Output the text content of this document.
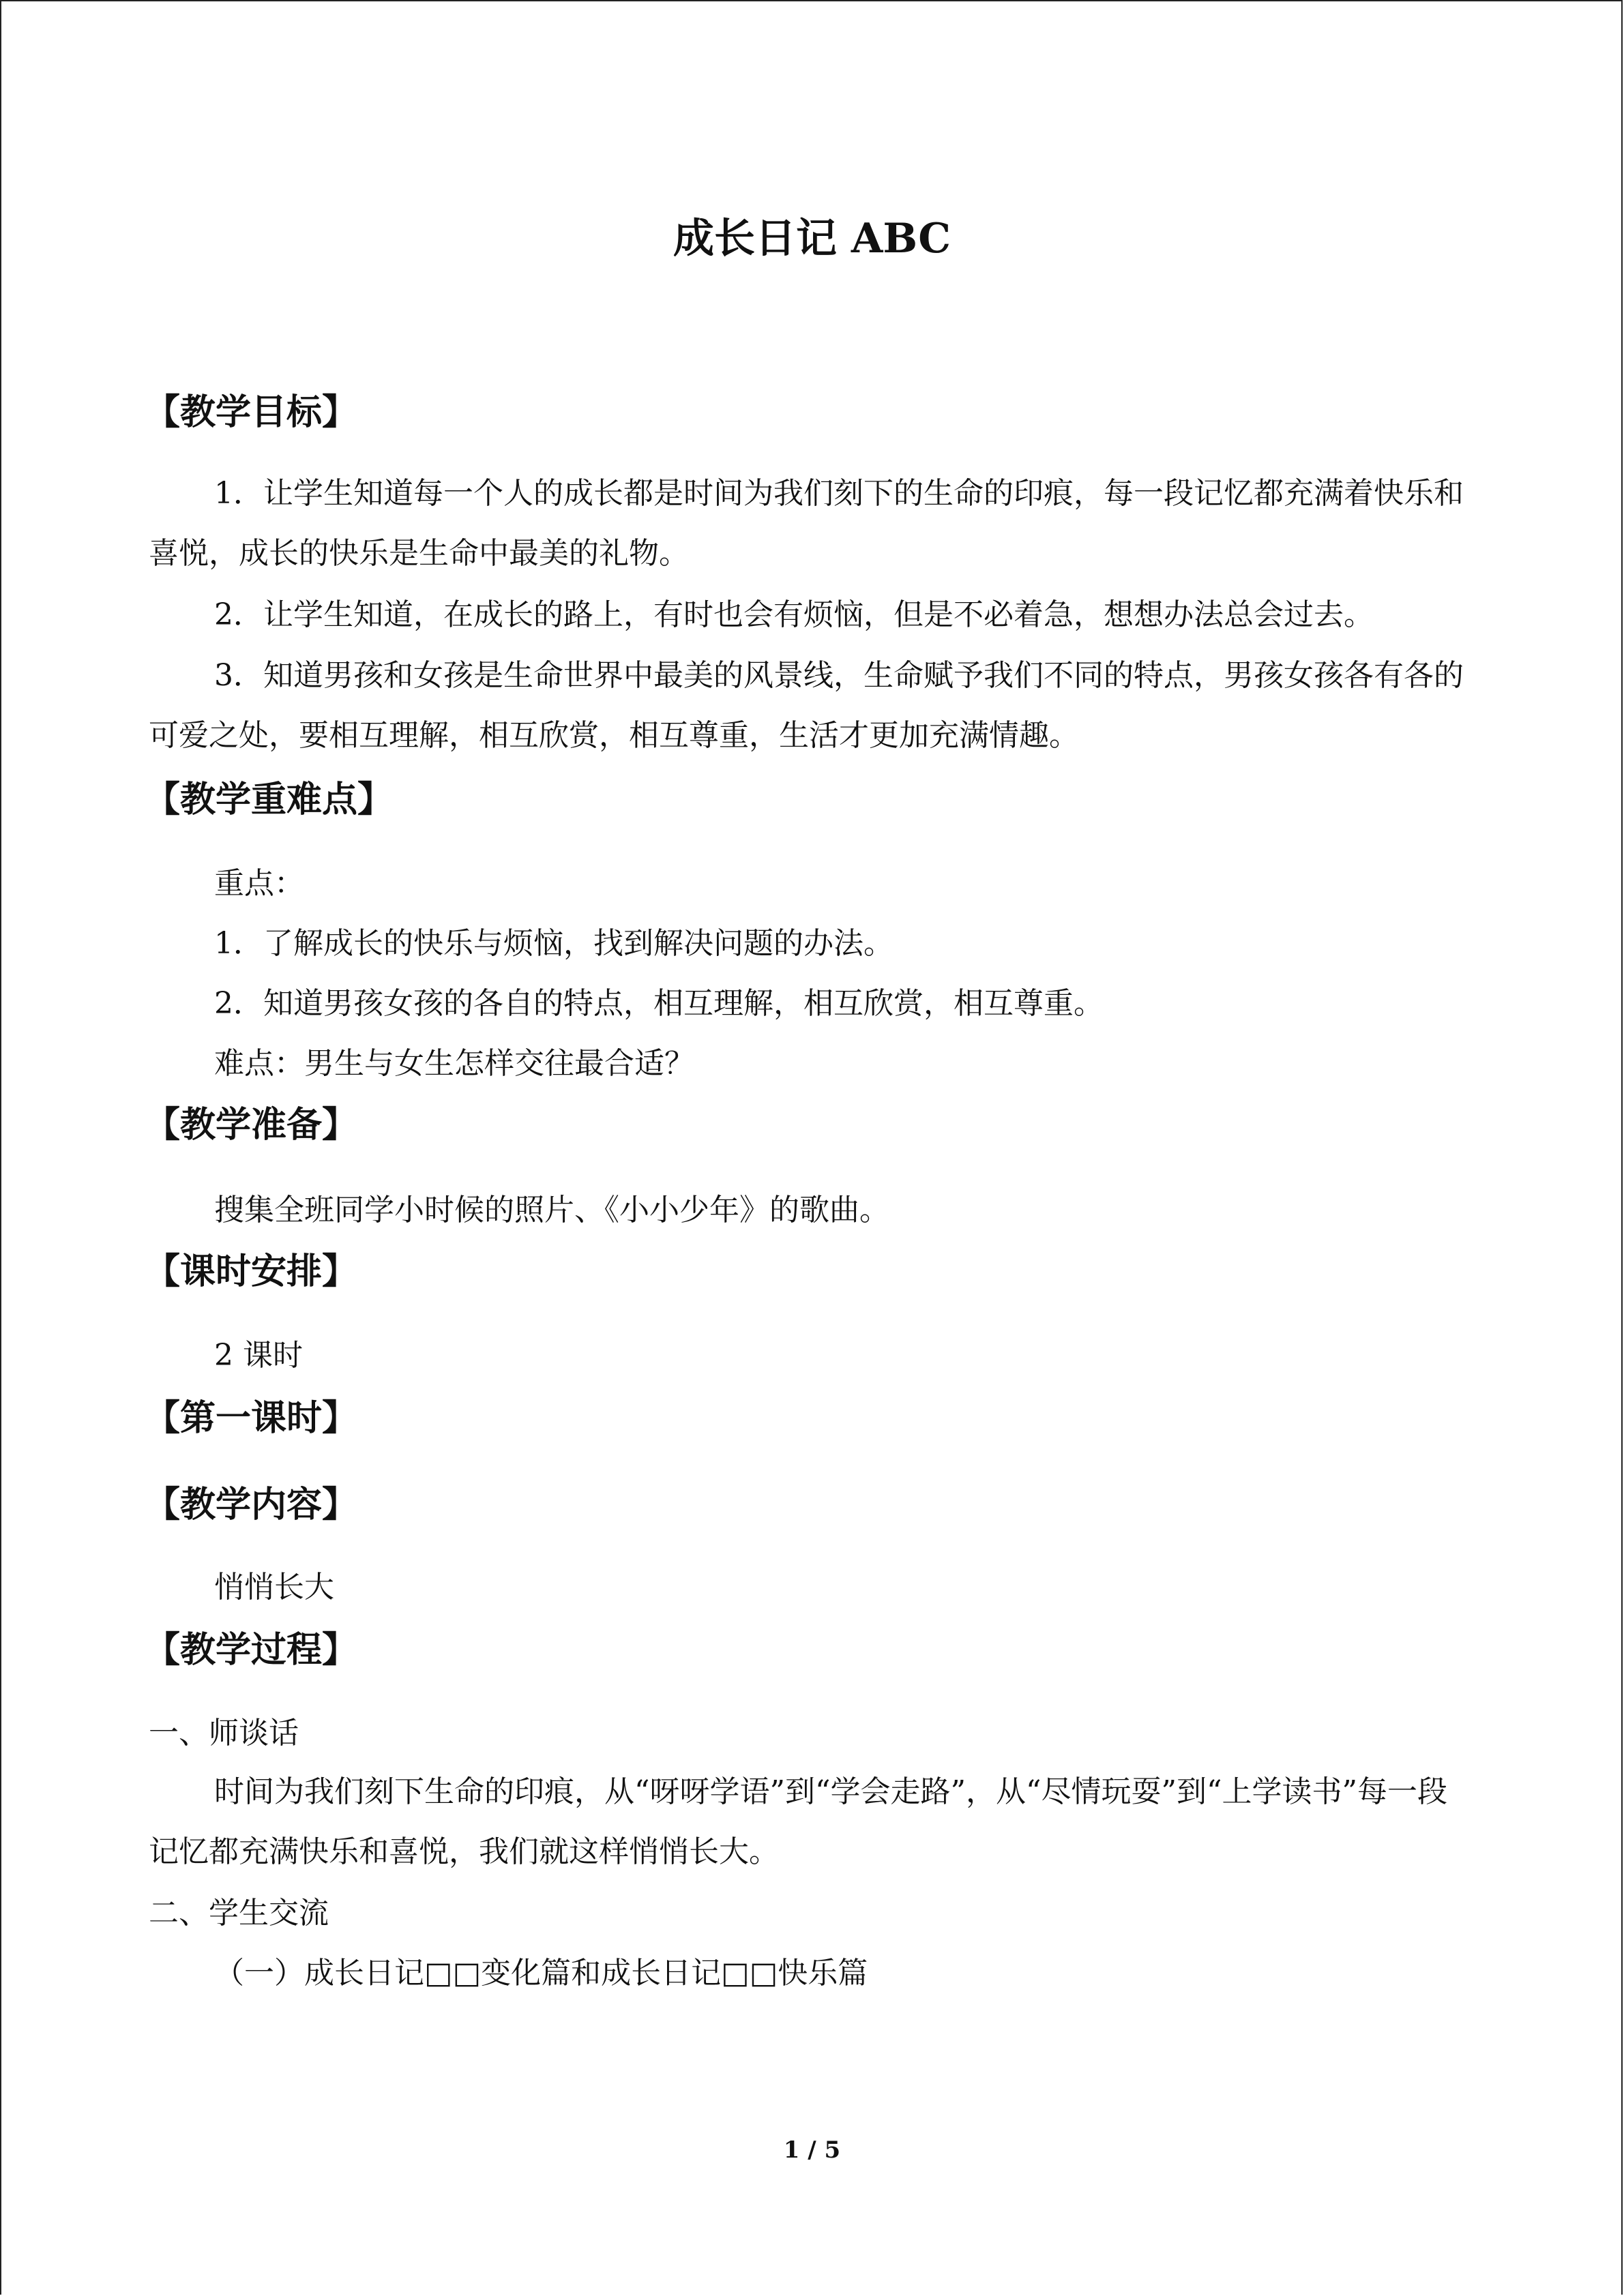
成长日记 ABC
【教学目标】

1．让学生知道每一个人的成长都是时间为我们刻下的生命的印痕，每一段记忆都充满着快乐和喜悦，成长的快乐是生命中最美的礼物。

2．让学生知道，在成长的路上，有时也会有烦恼，但是不必着急，想想办法总会过去。

3．知道男孩和女孩是生命世界中最美的风景线，生命赋予我们不同的特点，男孩女孩各有各的可爱之处，要相互理解，相互欣赏，相互尊重，生活才更加充满情趣。

【教学重难点】
重点：
1．了解成长的快乐与烦恼，找到解决问题的办法。
2．知道男孩女孩的各自的特点，相互理解，相互欣赏，相互尊重。
难点：男生与女生怎样交往最合适？
【教学准备】
搜集全班同学小时候的照片、《小小少年》的歌曲。
【课时安排】
2 课时
【第一课时】
【教学内容】
悄悄长大
【教学过程】
一、师谈话

时间为我们刻下生命的印痕，从“呀呀学语”到“学会走路”，从“尽情玩耍”到“上学读书”每一段记忆都充满快乐和喜悦，我们就这样悄悄长大。

二、学生交流
（一）成长日记□□变化篇和成长日记□□快乐篇
1 / 5
